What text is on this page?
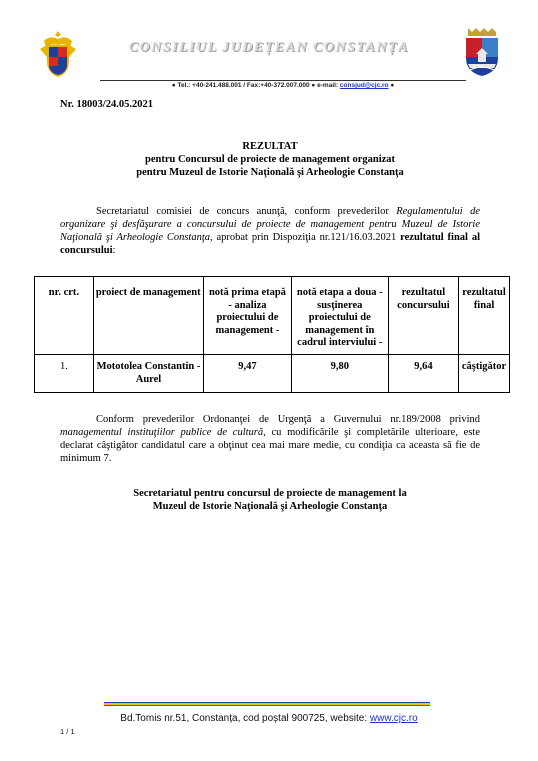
CONSILIUL JUDEȚEAN CONSTANȚA
● Tel.: +40-241.488.001 / Fax:+40-372.007.000 ● e-mail: consjud@cjc.ro ●
Nr. 18003/24.05.2021
REZULTAT
pentru Concursul de proiecte de management organizat
pentru Muzeul de Istorie Naţională şi Arheologie Constanţa
Secretariatul comisiei de concurs anunţă, conform prevederilor Regulamentului de organizare şi desfăşurare a concursului de proiecte de management pentru Muzeul de Istorie Naţională şi Arheologie Constanţa, aprobat prin Dispoziţia nr.121/16.03.2021 rezultatul final al concursului:
nr. crt.	proiect de management	notă prima etapă - analiza proiectului de management -	notă etapa a doua - susţinerea proiectului de management în cadrul interviului -	rezultatul concursului	rezultatul final
1.	Mototolea Constantin - Aurel	9,47	9,80	9,64	câştigător
Conform prevederilor Ordonanţei de Urgenţă a Guvernului nr.189/2008 privind managementul instituţiilor publice de cultură, cu modificările şi completările ulterioare, este declarat câştigător candidatul care a obţinut cea mai mare medie, cu condiţia ca aceasta să fie de minimum 7.
Secretariatul pentru concursul de proiecte de management la
Muzeul de Istorie Naţională şi Arheologie Constanţa
Bd.Tomis nr.51, Constanța, cod poștal 900725, website: www.cjc.ro
1 / 1
